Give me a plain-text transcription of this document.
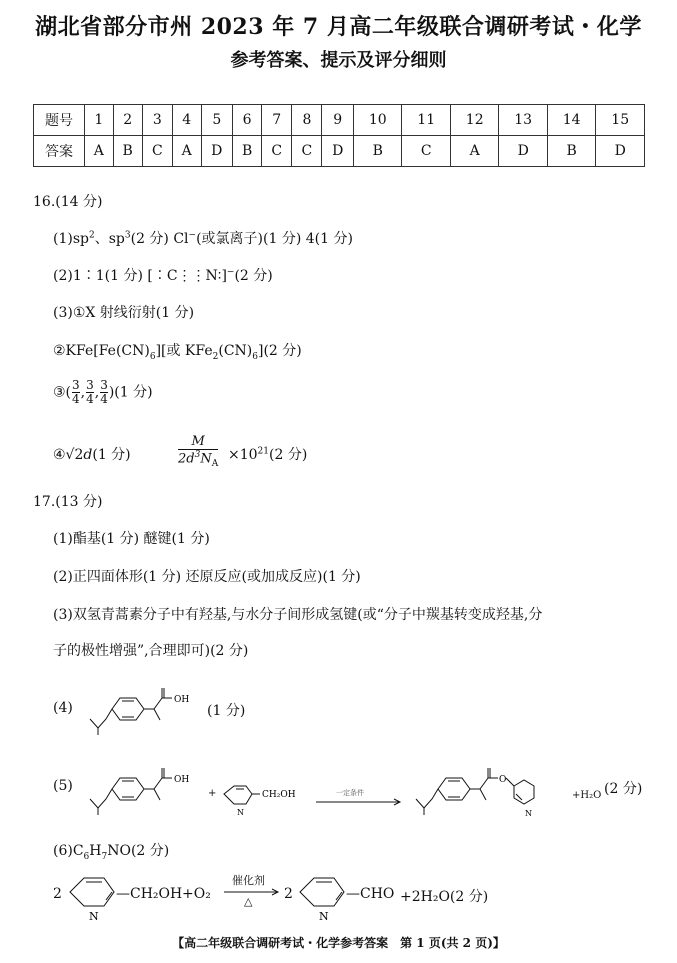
湖北省部分市州 2023 年 7 月高二年级联合调研考试・化学
参考答案、提示及评分细则
题号	1	2	3	4	5	6	7	8	9	10	11	12	13	14	15
答案	A	B	C	A	D	B	C	C	D	B	C	A	D	B	D
16.(14 分)
$(1)sp^2$、$sp^3(2$ 分) Cl−(或氯离子)(1 分) 4(1 分)
(2)1∶1(1 分) [∶C⋮⋮N∶]−(2 分)
(3)①X 射线衍射(1 分)
$②KFe[Fe(CN)_6]$[或 $KFe_2(CN)_6](2$ 分)
③( $\frac{3}{4}$ , $\frac{3}{4}$ , $\frac{3}{4} )(1$ 分)
④√2d(1 分)
M
$2d^3N_A$
$\times 10^{21}(2$ 分)
17.(13 分)
(1)酯基(1 分) 醚键(1 分)
(2)正四面体形(1 分) 还原反应(或加成反应)(1 分)
(3)双氢青蒿素分子中有羟基,与水分子间形成氢键(或“分子中羰基转变成羟基,分
子的极性增强”,合理即可)(2 分)
(4)	OH
(1 分)
(5)	OH
+
N
CH₂OH	一定条件
O
N
+H₂O (2 分)
$(6)C_6H_7NO(2$ 分)
2
N
—CH₂OH +O₂
催化剂
△ 2
N
—CHO +2H₂O(2 分)
【高二年级联合调研考试・化学参考答案　第 1 页(共 2 页)】
